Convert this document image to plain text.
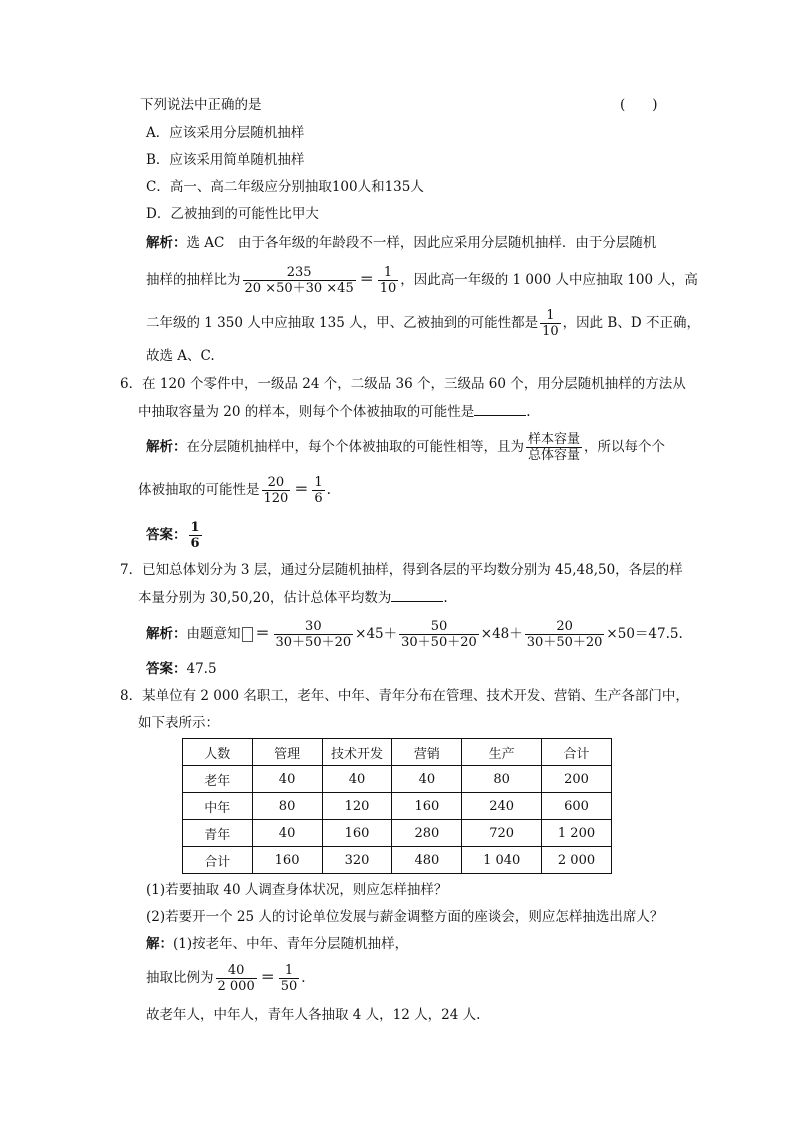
下列说法中正确的是	(　　)
A．应该采用分层随机抽样
B．应该采用简单随机抽样
C．高一、高二年级应分别抽取100人和135人
D．乙被抽到的可能性比甲大
解析：选 AC　由于各年级的年龄段不一样，因此应采用分层随机抽样．由于分层随机
抽样的抽样比为 $\frac{235}{20 \times 50+30 \times 45} = \frac{1}{10}$ ，因此高一年级的 1 000 人中应抽取 100 人，高
二年级的 1 350 人中应抽取 135 人，甲、乙被抽到的可能性都是 $\frac{1}{10}$ ，因此 B、D 不正确，
故选 A、C.
6．在 120 个零件中，一级品 24 个，二级品 36 个，三级品 60 个，用分层随机抽样的方法从
中抽取容量为 20 的样本，则每个个体被抽取的可能性是	.
解析：在分层随机抽样中，每个个体被抽取的可能性相等，且为 $\frac{\text{样本容量}}{\text{总体容量}}$ ，所以每个个
体被抽取的可能性是 $\frac{20}{120} = \frac{1}{6}$ .
答案： $\frac{1}{6}$
7．已知总体划分为 3 层，通过分层随机抽样，得到各层的平均数分别为 45,48,50，各层的样
本量分别为 30,50,20，估计总体平均数为	.
解析：由题意知 ＝ $\frac{30}{30+50+20} \times 45+ \frac{50}{30+50+20} \times 48+ \frac{20}{30+50+20} \times 50=47.5$.
答案：47.5
8．某单位有 2 000 名职工，老年、中年、青年分布在管理、技术开发、营销、生产各部门中，
如下表所示：
人数	管理	技术开发	营销	生产	合计
老年	40	40	40	80	200
中年	80	120	160	240	600
青年	40	160	280	720	1 200
合计	160	320	480	1 040	2 000
(1)若要抽取 40 人调查身体状况，则应怎样抽样？
(2)若要开一个 25 人的讨论单位发展与薪金调整方面的座谈会，则应怎样抽选出席人？
解：(1)按老年、中年、青年分层随机抽样，
抽取比例为 $\frac{40}{2 000} = \frac{1}{50}$ .
故老年人，中年人，青年人各抽取 4 人，12 人，24 人.
